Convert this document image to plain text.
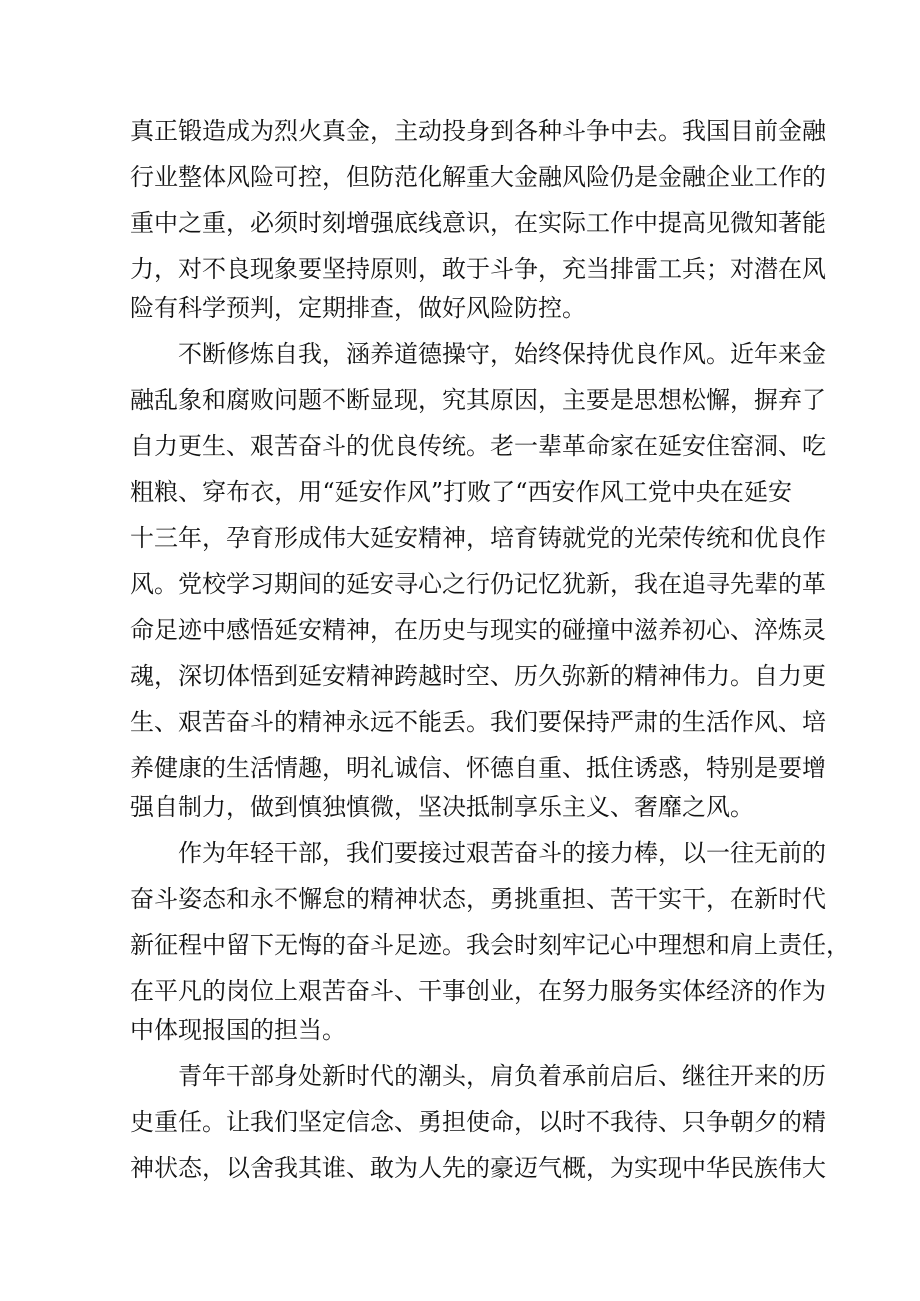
真正锻造成为烈火真金，主动投身到各种斗争中去。我国目前金融
行业整体风险可控，但防范化解重大金融风险仍是金融企业工作的
重中之重，必须时刻增强底线意识，在实际工作中提高见微知著能
力，对不良现象要坚持原则，敢于斗争，充当排雷工兵；对潜在风
险有科学预判，定期排查，做好风险防控。
不断修炼自我，涵养道德操守，始终保持优良作风。近年来金
融乱象和腐败问题不断显现，究其原因，主要是思想松懈，摒弃了
自力更生、艰苦奋斗的优良传统。老一辈革命家在延安住窑洞、吃
粗粮、穿布衣，用“延安作风”打败了“西安作风工党中央在延安
十三年，孕育形成伟大延安精神，培育铸就党的光荣传统和优良作
风。党校学习期间的延安寻心之行仍记忆犹新，我在追寻先辈的革
命足迹中感悟延安精神，在历史与现实的碰撞中滋养初心、淬炼灵
魂，深切体悟到延安精神跨越时空、历久弥新的精神伟力。自力更
生、艰苦奋斗的精神永远不能丢。我们要保持严肃的生活作风、培
养健康的生活情趣，明礼诚信、怀德自重、抵住诱惑，特别是要增
强自制力，做到慎独慎微，坚决抵制享乐主义、奢靡之风。
作为年轻干部，我们要接过艰苦奋斗的接力棒，以一往无前的
奋斗姿态和永不懈怠的精神状态，勇挑重担、苦干实干，在新时代
新征程中留下无悔的奋斗足迹。我会时刻牢记心中理想和肩上责任，
在平凡的岗位上艰苦奋斗、干事创业，在努力服务实体经济的作为
中体现报国的担当。
青年干部身处新时代的潮头，肩负着承前启后、继往开来的历
史重任。让我们坚定信念、勇担使命，以时不我待、只争朝夕的精
神状态，以舍我其谁、敢为人先的豪迈气概，为实现中华民族伟大
